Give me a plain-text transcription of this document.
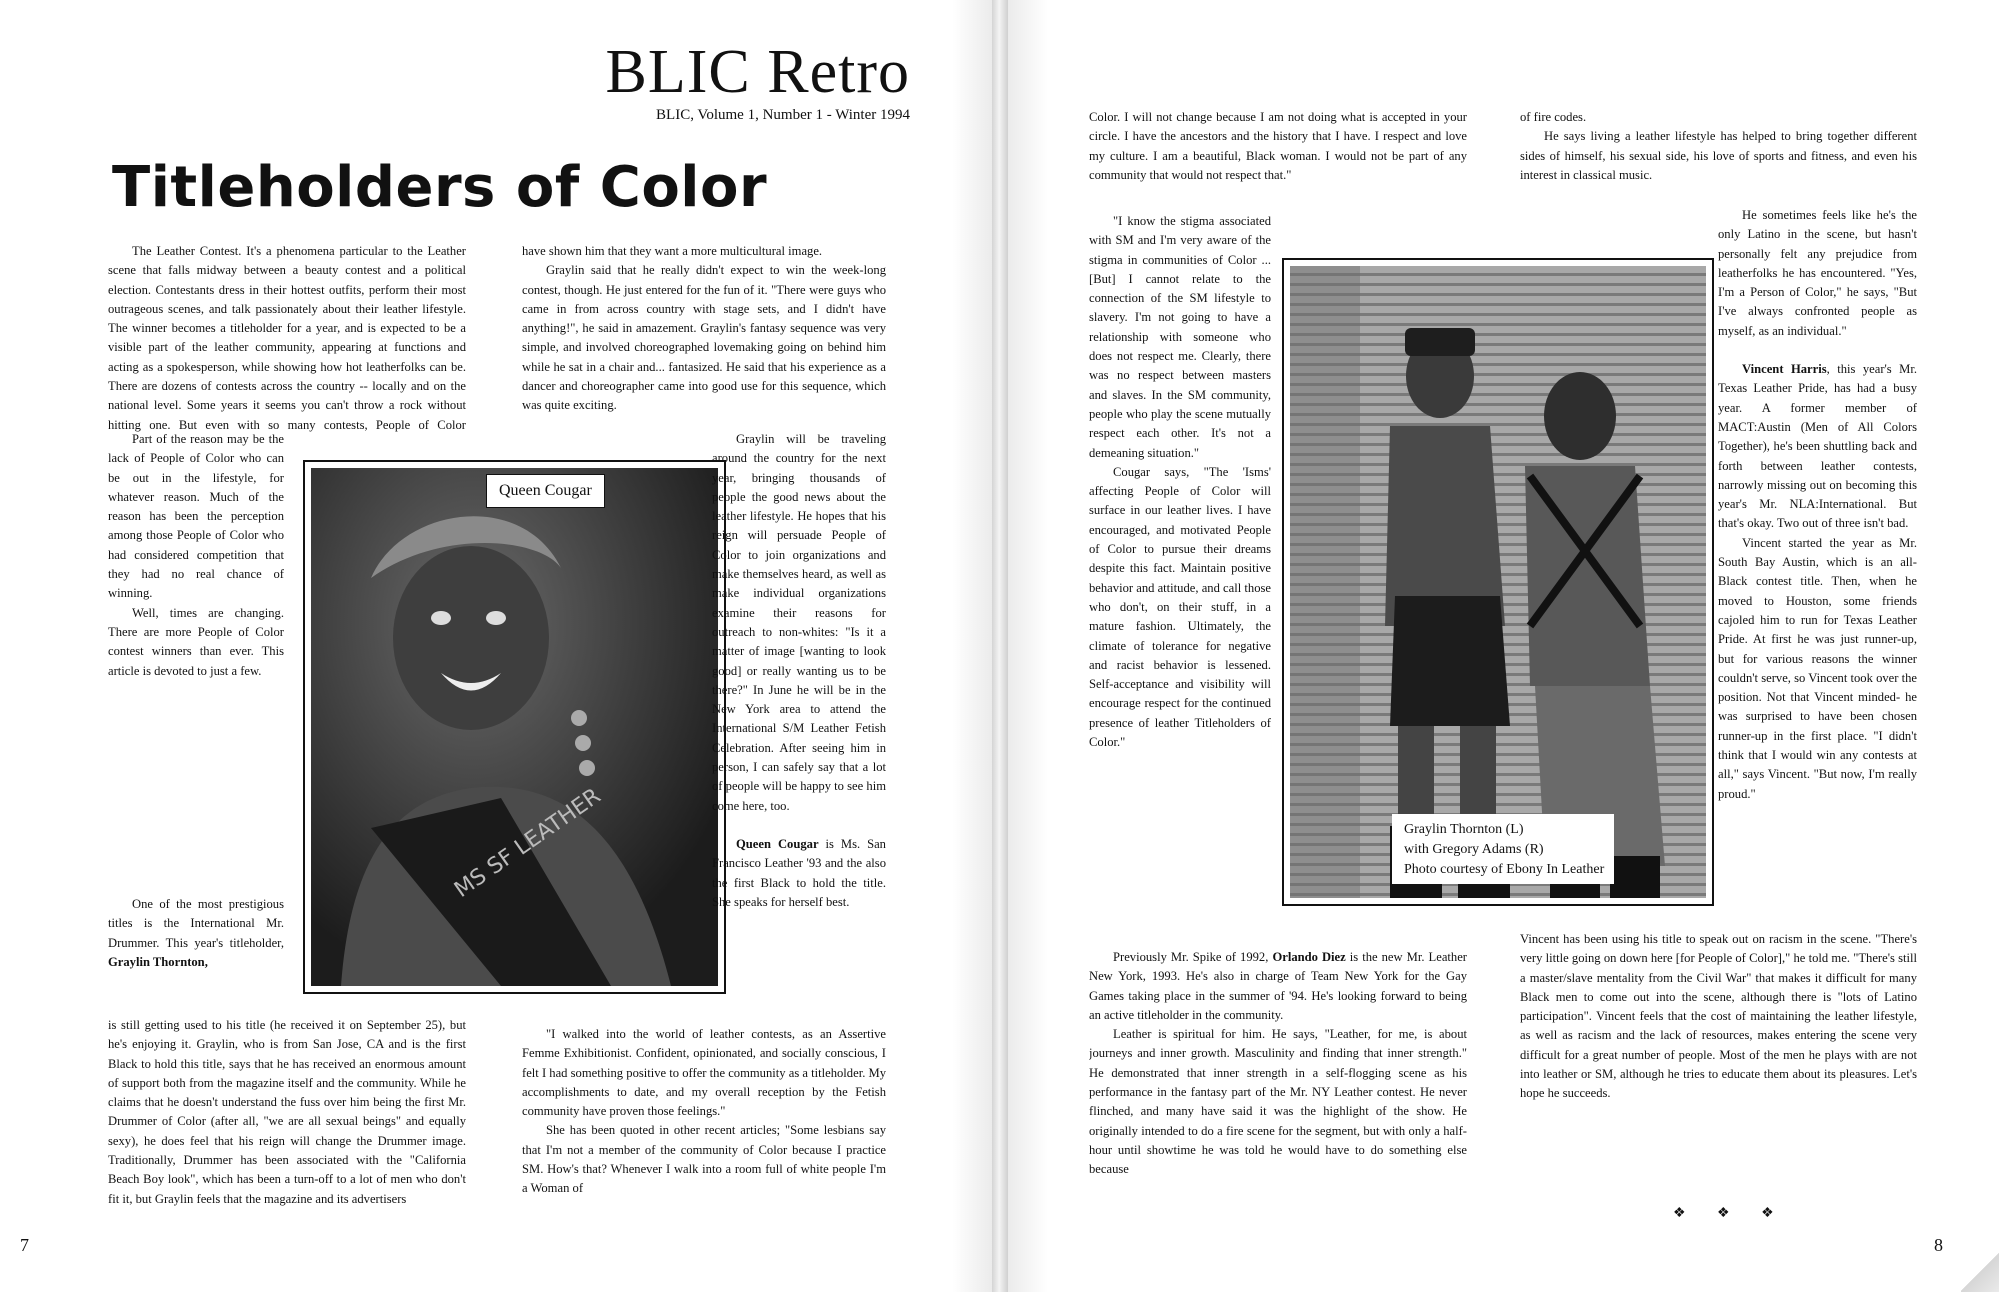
BLIC Retro
BLIC, Volume 1, Number 1 - Winter 1994
Titleholders of Color

The Leather Contest. It's a phenomena particular to the Leather scene that falls midway between a beauty contest and a political election. Contestants dress in their hottest outfits, perform their most outrageous scenes, and talk passionately about their leather lifestyle. The winner becomes a titleholder for a year, and is expected to be a visible part of the leather community, appearing at functions and acting as a spokesperson, while showing how hot leatherfolks can be. There are dozens of contests across the country -- locally and on the national level. Some years it seems you can't throw a rock without hitting one. But even with so many contests, People of Color

Part of the reason may be the lack of People of Color who can be out in the lifestyle, for whatever reason. Much of the reason has been the perception among those People of Color who had considered competition that they had no real chance of winning.

Well, times are changing. There are more People of Color contest winners than ever. This article is devoted to just a few.

One of the most prestigious titles is the International Mr. Drummer. This year's titleholder, Graylin Thornton,

is still getting used to his title (he received it on September 25), but he's enjoying it. Graylin, who is from San Jose, CA and is the first Black to hold this title, says that he has received an enormous amount of support both from the magazine itself and the community. While he claims that he doesn't understand the fuss over him being the first Mr. Drummer of Color (after all, "we are all sexual beings" and equally sexy), he does feel that his reign will change the Drummer image. Traditionally, Drummer has been associated with the "California Beach Boy look", which has been a turn-off to a lot of men who don't fit it, but Graylin feels that the magazine and its advertisers

MS SF LEATHER
Queen Cougar

have shown him that they want a more multicultural image.

Graylin said that he really didn't expect to win the week-long contest, though. He just entered for the fun of it. "There were guys who came in from across country with stage sets, and I didn't have anything!", he said in amazement. Graylin's fantasy sequence was very simple, and involved choreographed lovemaking going on behind him while he sat in a chair and... fantasized. He said that his experience as a dancer and choreographer came into good use for this sequence, which was quite exciting.

Graylin will be traveling around the country for the next year, bringing thousands of people the good news about the leather lifestyle. He hopes that his reign will persuade People of Color to join organizations and make themselves heard, as well as make individual organizations examine their reasons for outreach to non-whites: "Is it a matter of image [wanting to look good] or really wanting us to be there?" In June he will be in the New York area to attend the International S/M Leather Fetish Celebration. After seeing him in person, I can safely say that a lot of people will be happy to see him come here, too.

Queen Cougar is Ms. San Francisco Leather '93 and the also the first Black to hold the title. She speaks for herself best.

"I walked into the world of leather contests, as an Assertive Femme Exhibitionist. Confident, opinionated, and socially conscious, I felt I had something positive to offer the community as a titleholder. My accomplishments to date, and my overall reception by the Fetish community have proven those feelings."

She has been quoted in other recent articles; "Some lesbians say that I'm not a member of the community of Color because I practice SM. How's that? Whenever I walk into a room full of white people I'm a Woman of

7

Color. I will not change because I am not doing what is accepted in your circle. I have the ancestors and the history that I have. I respect and love my culture. I am a beautiful, Black woman. I would not be part of any community that would not respect that."

"I know the stigma associated with SM and I'm very aware of the stigma in communities of Color ... [But] I cannot relate to the connection of the SM lifestyle to slavery. I'm not going to have a relationship with someone who does not respect me. Clearly, there was no respect between masters and slaves. In the SM community, people who play the scene mutually respect each other. It's not a demeaning situation."

Cougar says, "The 'Isms' affecting People of Color will surface in our leather lives. I have encouraged, and motivated People of Color to pursue their dreams despite this fact. Maintain positive behavior and attitude, and call those who don't, on their stuff, in a mature fashion. Ultimately, the climate of tolerance for negative and racist behavior is lessened. Self-acceptance and visibility will encourage respect for the continued presence of leather Titleholders of Color."

Previously Mr. Spike of 1992, Orlando Diez is the new Mr. Leather New York, 1993. He's also in charge of Team New York for the Gay Games taking place in the summer of '94. He's looking forward to being an active titleholder in the community.

Leather is spiritual for him. He says, "Leather, for me, is about journeys and inner growth. Masculinity and finding that inner strength." He demonstrated that inner strength in a self-flogging scene as his performance in the fantasy part of the Mr. NY Leather contest. He never flinched, and many have said it was the highlight of the show. He originally intended to do a fire scene for the segment, but with only a half-hour until showtime he was told he would have to do something else because

Graylin Thornton (L)
with Gregory Adams (R)
Photo courtesy of Ebony In Leather

of fire codes.

He says living a leather lifestyle has helped to bring together different sides of himself, his sexual side, his love of sports and fitness, and even his interest in classical music.

He sometimes feels like he's the only Latino in the scene, but hasn't personally felt any prejudice from leatherfolks he has encountered. "Yes, I'm a Person of Color," he says, "But I've always confronted people as myself, as an individual."

Vincent Harris, this year's Mr. Texas Leather Pride, has had a busy year. A former member of MACT:Austin (Men of All Colors Together), he's been shuttling back and forth between leather contests, narrowly missing out on becoming this year's Mr. NLA:International. But that's okay. Two out of three isn't bad.

Vincent started the year as Mr. South Bay Austin, which is an all-Black contest title. Then, when he moved to Houston, some friends cajoled him to run for Texas Leather Pride. At first he was just runner-up, but for various reasons the winner couldn't serve, so Vincent took over the position. Not that Vincent minded- he was surprised to have been chosen runner-up in the first place. "I didn't think that I would win any contests at all," says Vincent. "But now, I'm really proud."

Vincent has been using his title to speak out on racism in the scene. "There's very little going on down here [for People of Color]," he told me. "There's still a master/slave mentality from the Civil War" that makes it difficult for many Black men to come out into the scene, although there is "lots of Latino participation". Vincent feels that the cost of maintaining the leather lifestyle, as well as racism and the lack of resources, makes entering the scene very difficult for a great number of people. Most of the men he plays with are not into leather or SM, although he tries to educate them about its pleasures. Let's hope he succeeds.

❖ ❖ ❖
8
